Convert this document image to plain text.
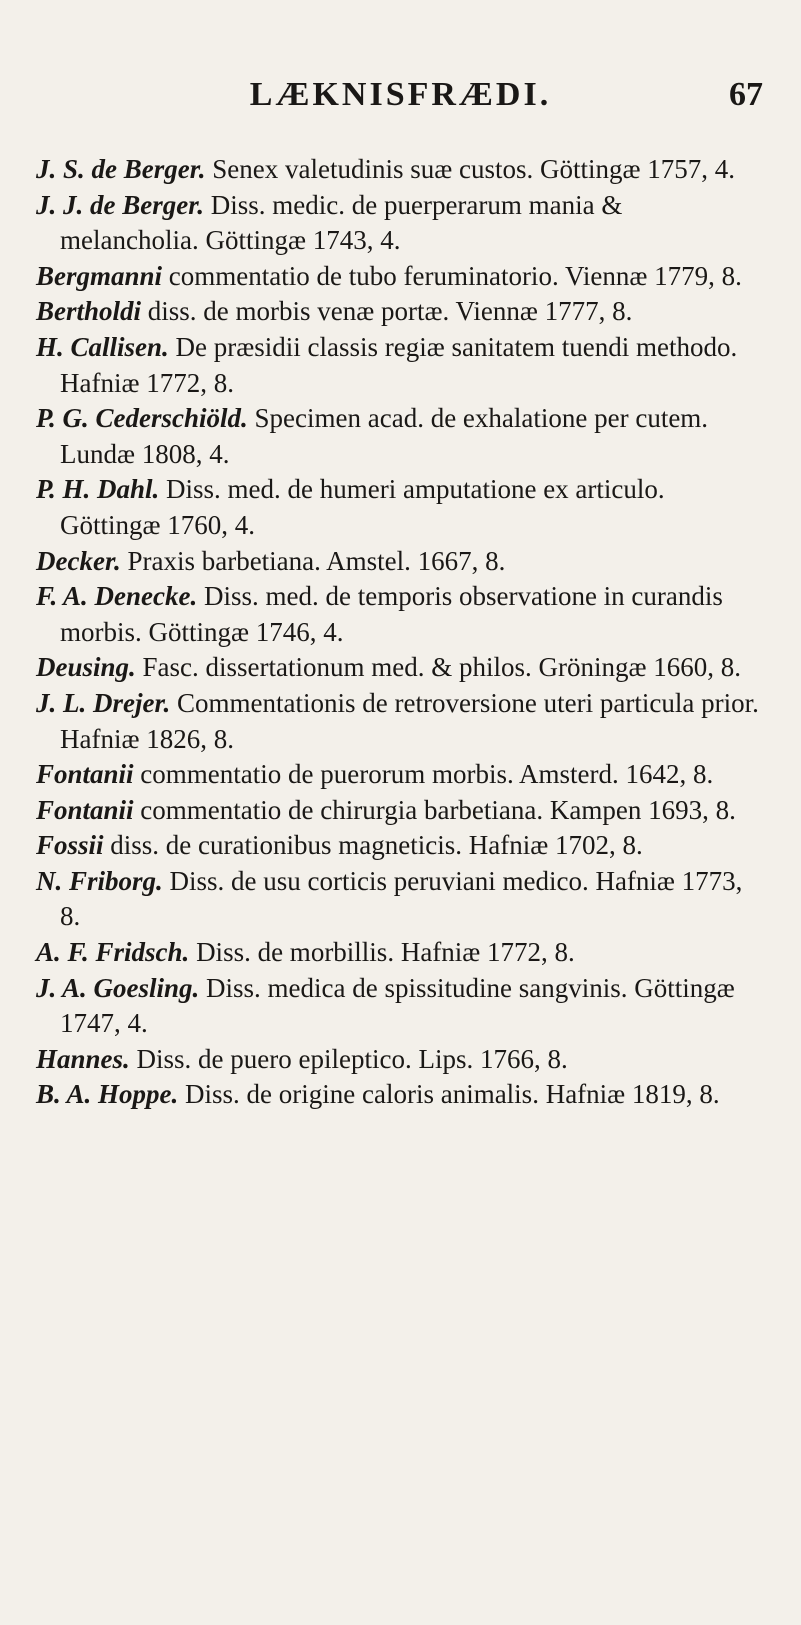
LÆKNISFRÆDI.	67

J. S. de Berger. Senex valetudinis suæ custos. Göttingæ 1757, 4.

J. J. de Berger. Diss. medic. de puerperarum mania & melancholia. Göttingæ 1743, 4.

Bergmanni commentatio de tubo feruminatorio. Viennæ 1779, 8.

Bertholdi diss. de morbis venæ portæ. Viennæ 1777, 8.

H. Callisen. De præsidii classis regiæ sanitatem tuendi methodo. Hafniæ 1772, 8.

P. G. Cederschiöld. Specimen acad. de exhalatione per cutem. Lundæ 1808, 4.

P. H. Dahl. Diss. med. de humeri amputatione ex articulo. Göttingæ 1760, 4.

Decker. Praxis barbetiana. Amstel. 1667, 8.

F. A. Denecke. Diss. med. de temporis observatione in curandis morbis. Göttingæ 1746, 4.

Deusing. Fasc. dissertationum med. & philos. Gröningæ 1660, 8.

J. L. Drejer. Commentationis de retroversione uteri particula prior. Hafniæ 1826, 8.

Fontanii commentatio de puerorum morbis. Amsterd. 1642, 8.

Fontanii commentatio de chirurgia barbetiana. Kampen 1693, 8.

Fossii diss. de curationibus magneticis. Hafniæ 1702, 8.

N. Friborg. Diss. de usu corticis peruviani medico. Hafniæ 1773, 8.

A. F. Fridsch. Diss. de morbillis. Hafniæ 1772, 8.

J. A. Goesling. Diss. medica de spissitudine sangvinis. Göttingæ 1747, 4.

Hannes. Diss. de puero epileptico. Lips. 1766, 8.

B. A. Hoppe. Diss. de origine caloris animalis. Hafniæ 1819, 8.
